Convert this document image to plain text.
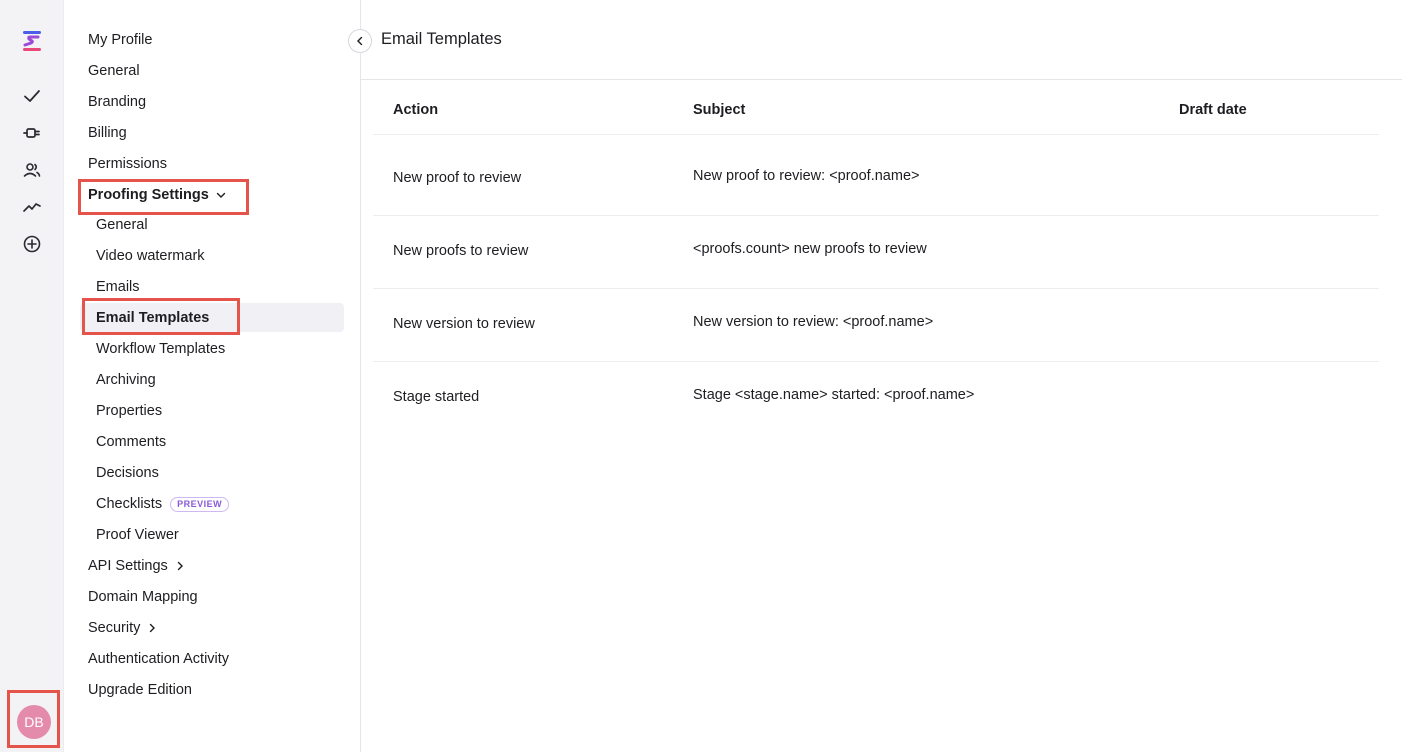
DB
My Profile
General
Branding
Billing
Permissions
Proofing Settings
General
Video watermark
Emails
Email Templates
Workflow Templates
Archiving
Properties
Comments
Decisions
Checklists	PREVIEW
Proof Viewer
API Settings
Domain Mapping
Security
Authentication Activity
Upgrade Edition
Email Templates
Action	Subject	Draft date
New proof to review	New proof to review: <proof.name>
New proofs to review	<proofs.count> new proofs to review
New version to review	New version to review: <proof.name>
Stage started	Stage <stage.name> started: <proof.name>
